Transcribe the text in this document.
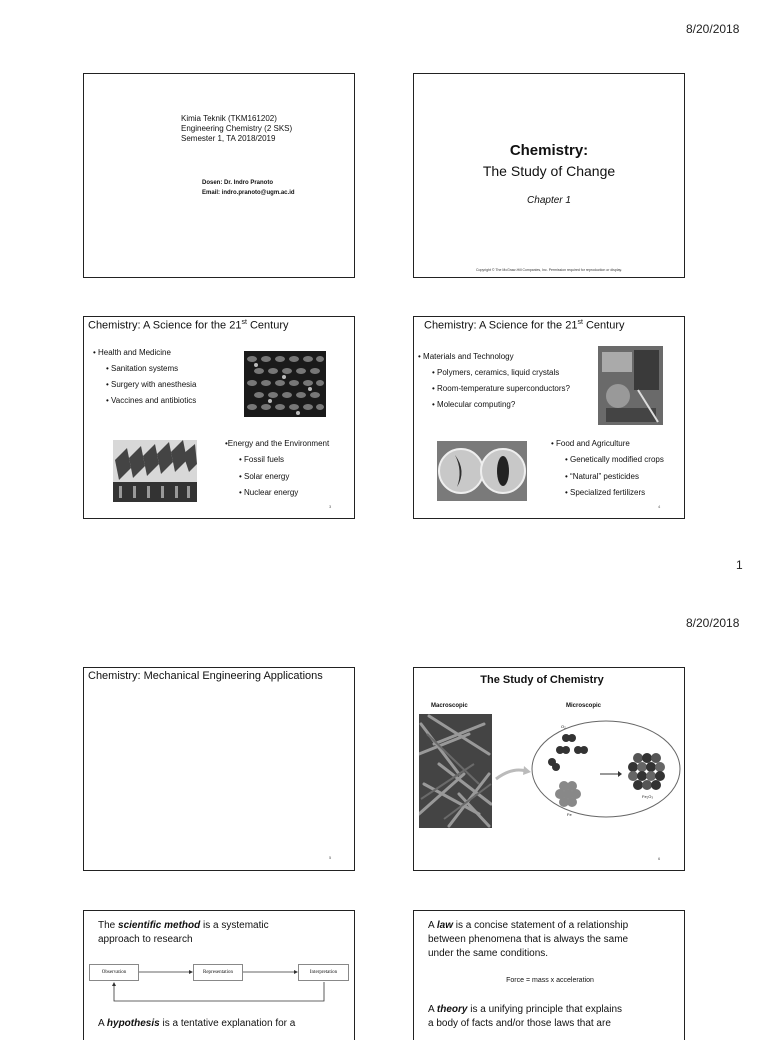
8/20/2018
Kimia Teknik (TKM161202)
Engineering Chemistry (2 SKS)
Semester 1, TA 2018/2019
Dosen: Dr. Indro Pranoto
Email: indro.pranoto@ugm.ac.id
Chemistry:
The Study of Change
Chapter 1
Copyright © The McGraw-Hill Companies, Inc. Permission required for reproduction or display.
Chemistry: A Science for the 21st Century
• Health and Medicine
• Sanitation systems
• Surgery with anesthesia
• Vaccines and antibiotics
•Energy and the Environment
• Fossil fuels
• Solar energy
• Nuclear energy
3
Chemistry: A Science for the 21st Century
• Materials and Technology
• Polymers, ceramics, liquid crystals
• Room-temperature superconductors?
• Molecular computing?
• Food and Agriculture
• Genetically modified crops
• “Natural” pesticides
• Specialized fertilizers
4
1
8/20/2018
Chemistry: Mechanical Engineering Applications
5
The Study of Chemistry
Macroscopic	Microscopic
O₂
Fe
Fe₂O₃
6
The scientific method is a systematic
approach to research
Observation	Representation	Interpretation
A hypothesis is a tentative explanation for a
A law is a concise statement of a relationship
between phenomena that is always the same
under the same conditions.
Force = mass x acceleration
A theory is a unifying principle that explains
a body of facts and/or those laws that are
